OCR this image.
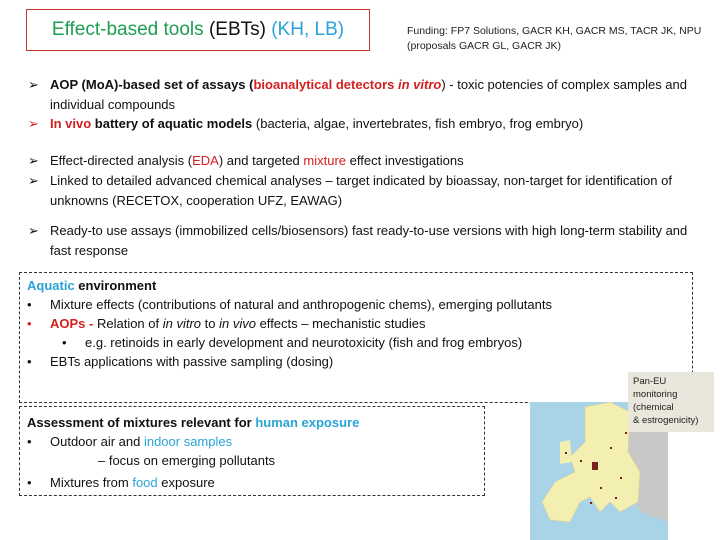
Effect-based tools (EBTs) (KH, LB)	Funding: FP7 Solutions, GACR KH, GACR MS, TACR JK, NPU
(proposals GACR GL, GACR JK)
➢ AOP (MoA)-based set of assays (bioanalytical detectors in vitro) - toxic potencies of complex samples and individual compounds
➢ In vivo battery of aquatic models (bacteria, algae, invertebrates, fish embryo, frog embryo)
➢ Effect-directed analysis (EDA) and targeted mixture effect investigations
➢ Linked to detailed advanced chemical analyses – target indicated by bioassay, non-target for identification of unknowns (RECETOX, cooperation UFZ, EAWAG)
➢ Ready-to use assays (immobilized cells/biosensors) fast ready-to-use versions with high long-term stability and fast response
Aquatic environment
• Mixture effects (contributions of natural and anthropogenic chems), emerging pollutants
• AOPs - Relation of in vitro to in vivo effects – mechanistic studies
• e.g. retinoids in early development and neurotoxicity (fish and frog embryos)
• EBTs applications with passive sampling (dosing)
Assessment of mixtures relevant for human exposure
• Outdoor air and indoor samples
– focus on emerging pollutants
• Mixtures from food exposure
Pan-EU
monitoring
(chemical
& estrogenicity)
